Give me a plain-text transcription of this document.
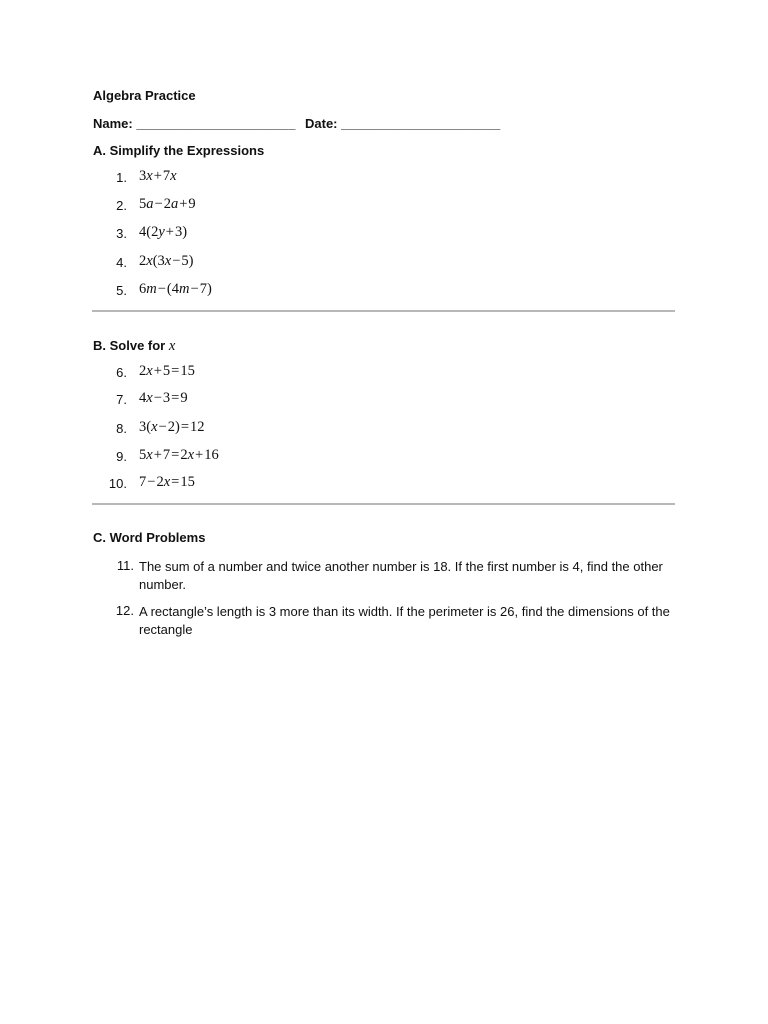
Algebra Practice
Name: ______________________ Date: ______________________
A. Simplify the Expressions
1. 3x+7x
2. 5a−2a+9
3. 4(2y+3)
4. 2x(3x−5)
5. 6m−(4m−7)
B. Solve for x
6. 2x+5=15
7. 4x−3=9
8. 3(x−2)=12
9. 5x+7=2x+16
10. 7−2x=15
C. Word Problems
11. The sum of a number and twice another number is 18. If the first number is 4, find the other number.
12. A rectangle’s length is 3 more than its width. If the perimeter is 26, find the dimensions of the rectangle
